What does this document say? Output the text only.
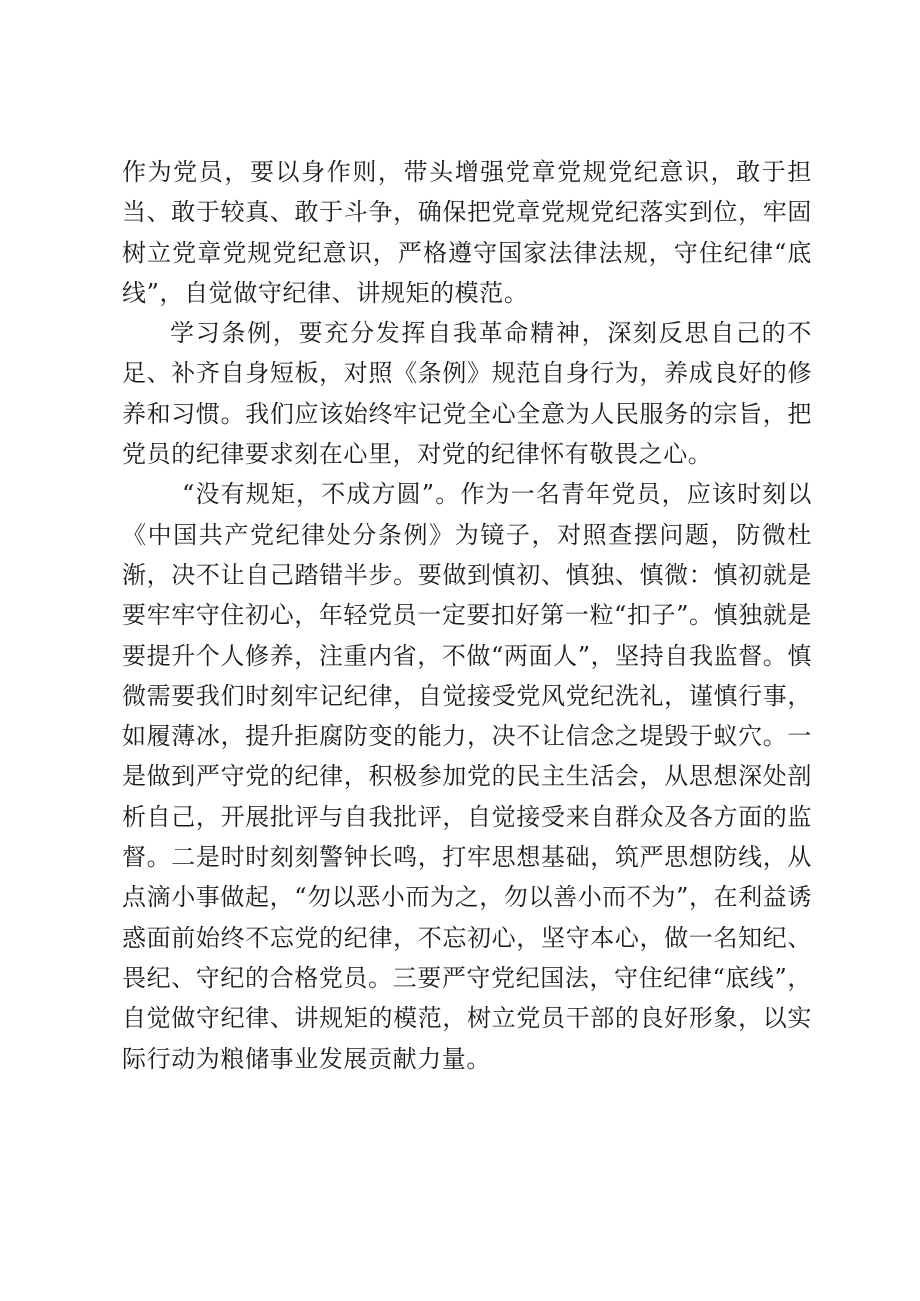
作为党员，要以身作则，带头增强党章党规党纪意识，敢于担当、敢于较真、敢于斗争，确保把党章党规党纪落实到位，牢固树立党章党规党纪意识，严格遵守国家法律法规，守住纪律“底线”，自觉做守纪律、讲规矩的模范。

学习条例，要充分发挥自我革命精神，深刻反思自己的不足、补齐自身短板，对照《条例》规范自身行为，养成良好的修养和习惯。我们应该始终牢记党全心全意为人民服务的宗旨，把党员的纪律要求刻在心里，对党的纪律怀有敬畏之心。

“没有规矩，不成方圆”。作为一名青年党员，应该时刻以《中国共产党纪律处分条例》为镜子，对照查摆问题，防微杜渐，决不让自己踏错半步。要做到慎初、慎独、慎微：慎初就是要牢牢守住初心，年轻党员一定要扣好第一粒“扣子”。慎独就是要提升个人修养，注重内省，不做“两面人”，坚持自我监督。慎微需要我们时刻牢记纪律，自觉接受党风党纪洗礼，谨慎行事，如履薄冰，提升拒腐防变的能力，决不让信念之堤毁于蚁穴。一是做到严守党的纪律，积极参加党的民主生活会，从思想深处剖析自己，开展批评与自我批评，自觉接受来自群众及各方面的监督。二是时时刻刻警钟长鸣，打牢思想基础，筑严思想防线，从点滴小事做起，“勿以恶小而为之，勿以善小而不为”，在利益诱惑面前始终不忘党的纪律，不忘初心，坚守本心，做一名知纪、畏纪、守纪的合格党员。三要严守党纪国法，守住纪律“底线”，自觉做守纪律、讲规矩的模范，树立党员干部的良好形象，以实际行动为粮储事业发展贡献力量。
